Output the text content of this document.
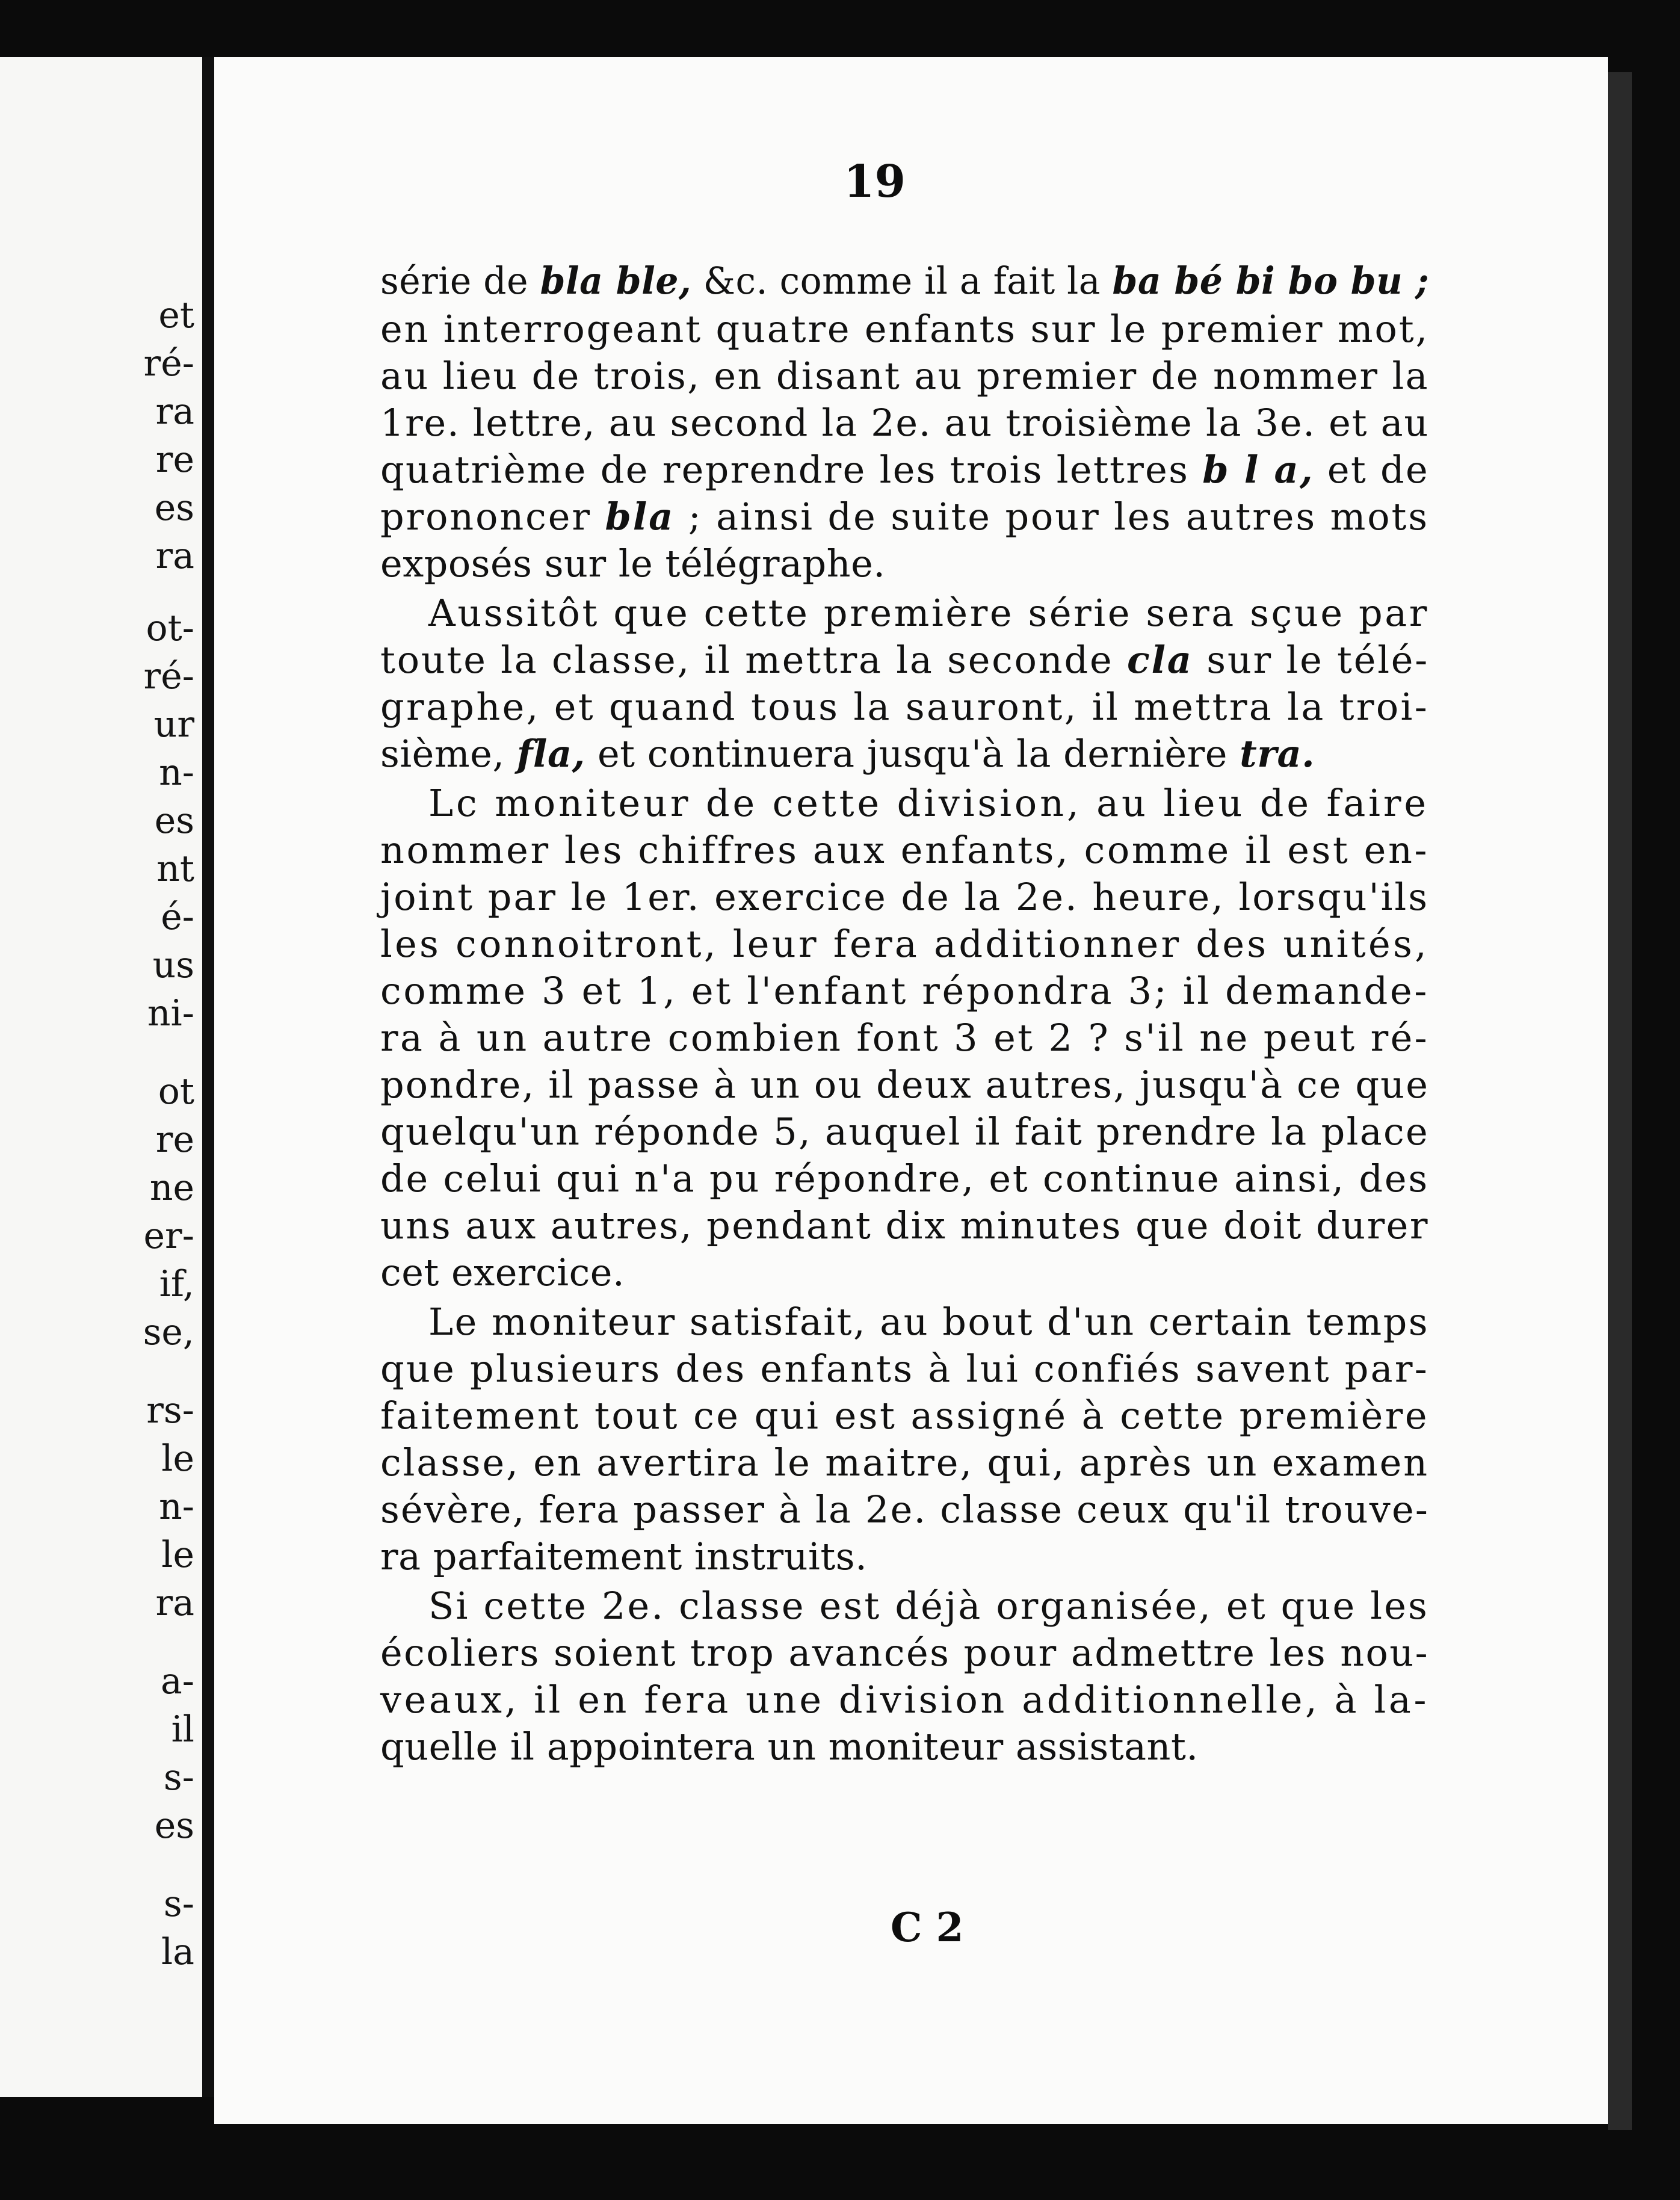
et

ré-

ra

re

es

ra

ot-

ré-

ur

n-

es

nt

é-

us

ni-

ot

re

ne

er-

if,

se,

rs-

le

n-

le

ra

a-

il

s-

es

s-

la

19

série de bla ble, &c. comme il a fait la ba bé bi bo bu ;

en interrogeant quatre enfants sur le premier mot,

au lieu de trois, en disant au premier de nommer la

1re. lettre, au second la 2e. au troisième la 3e. et au

quatrième de reprendre les trois lettres b l a, et de

prononcer bla ; ainsi de suite pour les autres mots

exposés sur le télégraphe.

Aussitôt que cette première série sera sçue par

toute la classe, il mettra la seconde cla sur le télé-

graphe, et quand tous la sauront, il mettra la troi-

sième, fla, et continuera jusqu'à la dernière tra.

Lc moniteur de cette division, au lieu de faire

nommer les chiffres aux enfants, comme il est en-

joint par le 1er. exercice de la 2e. heure, lorsqu'ils

les connoitront, leur fera additionner des unités,

comme 3 et 1, et l'enfant répondra 3; il demande-

ra à un autre combien font 3 et 2 ? s'il ne peut ré-

pondre, il passe à un ou deux autres, jusqu'à ce que

quelqu'un réponde 5, auquel il fait prendre la place

de celui qui n'a pu répondre, et continue ainsi, des

uns aux autres, pendant dix minutes que doit durer

cet exercice.

Le moniteur satisfait, au bout d'un certain temps

que plusieurs des enfants à lui confiés savent par-

faitement tout ce qui est assigné à cette première

classe, en avertira le maitre, qui, après un examen

sévère, fera passer à la 2e. classe ceux qu'il trouve-

ra parfaitement instruits.

Si cette 2e. classe est déjà organisée, et que les

écoliers soient trop avancés pour admettre les nou-

veaux, il en fera une division additionnelle, à la-

quelle il appointera un moniteur assistant.

C 2
